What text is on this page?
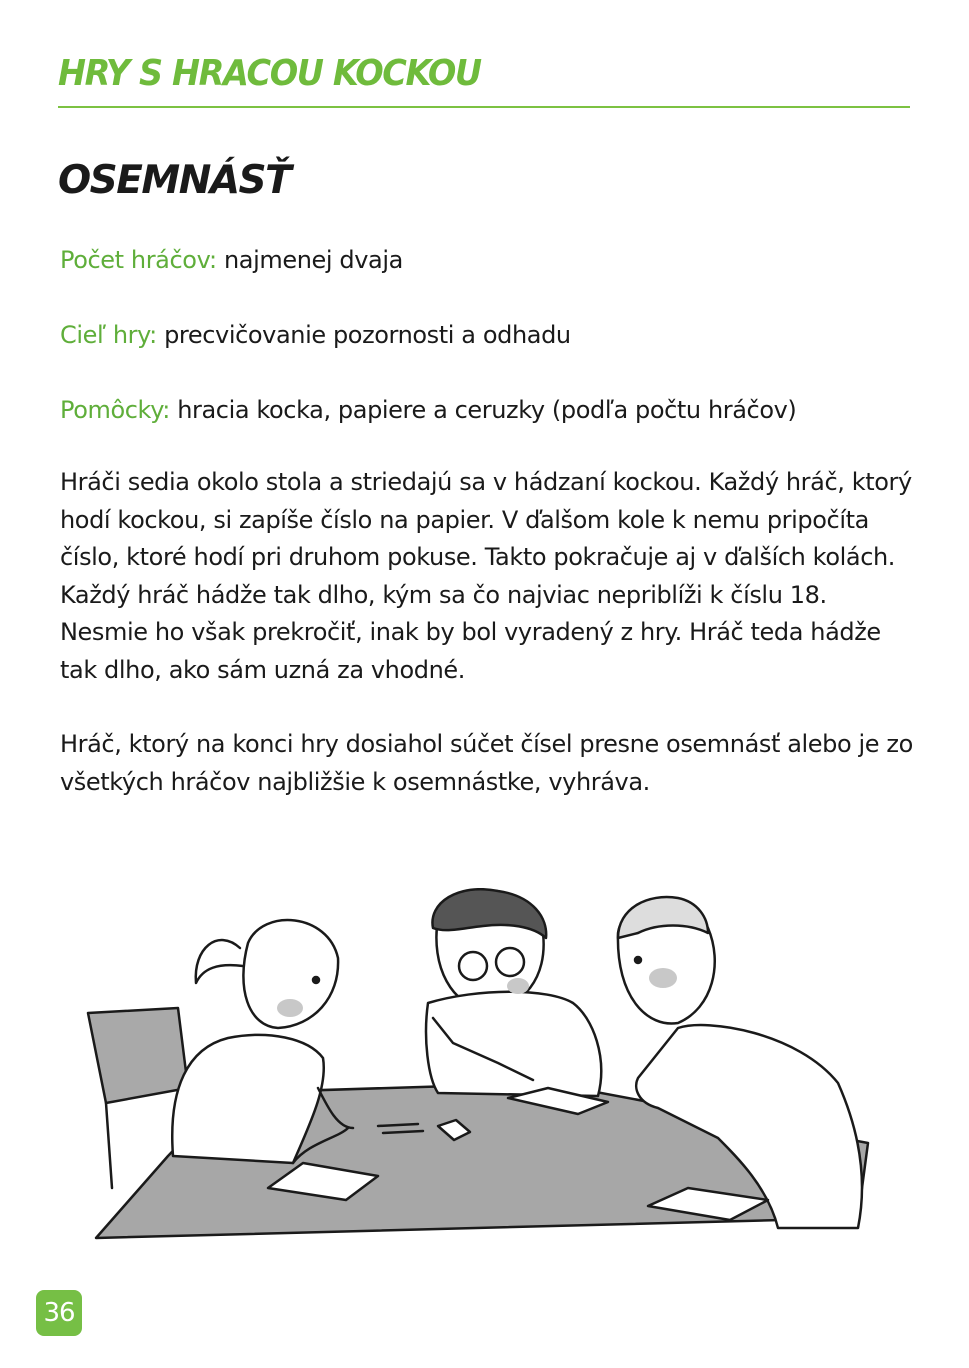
HRY S HRACOU KOCKOU
OSEMNÁSŤ
Počet hráčov: najmenej dvaja
Cieľ hry: precvičovanie pozornosti a odhadu
Pomôcky: hracia kocka, papiere a ceruzky (podľa počtu hráčov)

Hráči sedia okolo stola a striedajú sa v hádzaní kockou. Každý hráč, ktorý hodí kockou, si zapíše číslo na papier. V ďalšom kole k nemu pripočíta číslo, ktoré hodí pri druhom pokuse. Takto pokračuje aj v ďalších kolách. Každý hráč hádže tak dlho, kým sa čo najviac nepriblíži k číslu 18. Nesmie ho však prekročiť, inak by bol vyradený z hry. Hráč teda hádže tak dlho, ako sám uzná za vhodné.

Hráč, ktorý na konci hry dosiahol súčet čísel presne osemnásť alebo je zo všetkých hráčov najbližšie k osemnástke, vyhráva.

36
